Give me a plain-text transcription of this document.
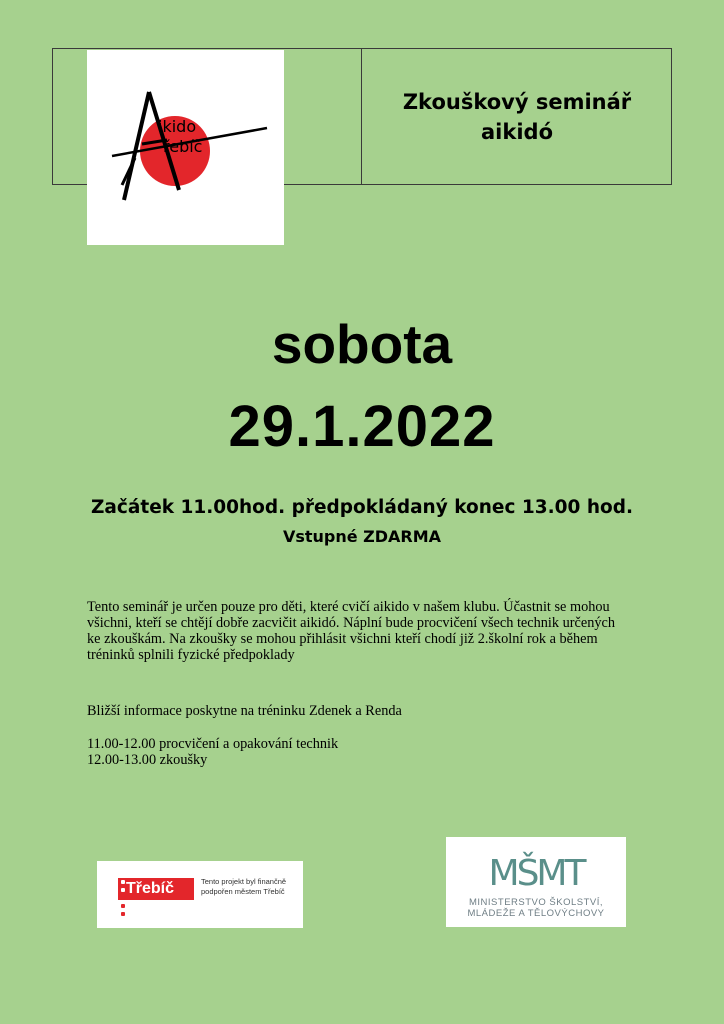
ikido
řebíč
Zkouškový seminář
aikidó
sobota
29.1.2022
Začátek 11.00hod. předpokládaný konec 13.00 hod.
Vstupné ZDARMA
Tento seminář je určen pouze pro děti, které cvičí aikido v našem klubu. Účastnit se mohou
všichni, kteří se chtějí dobře zacvičit aikidó. Náplní bude procvičení všech technik určených
ke zkouškám. Na zkoušky se mohou přihlásit všichni kteří chodí již 2.školní rok a během
tréninků splnili fyzické předpoklady
Bližší informace poskytne na tréninku Zdenek a Renda
11.00-12.00 procvičení a opakování technik
12.00-13.00 zkoušky
Třebíč	Tento projekt byl finančně
podpořen městem Třebíč	MŠMT
MINISTERSTVO ŠKOLSTVÍ,
MLÁDEŽE A TĚLOVÝCHOVY
